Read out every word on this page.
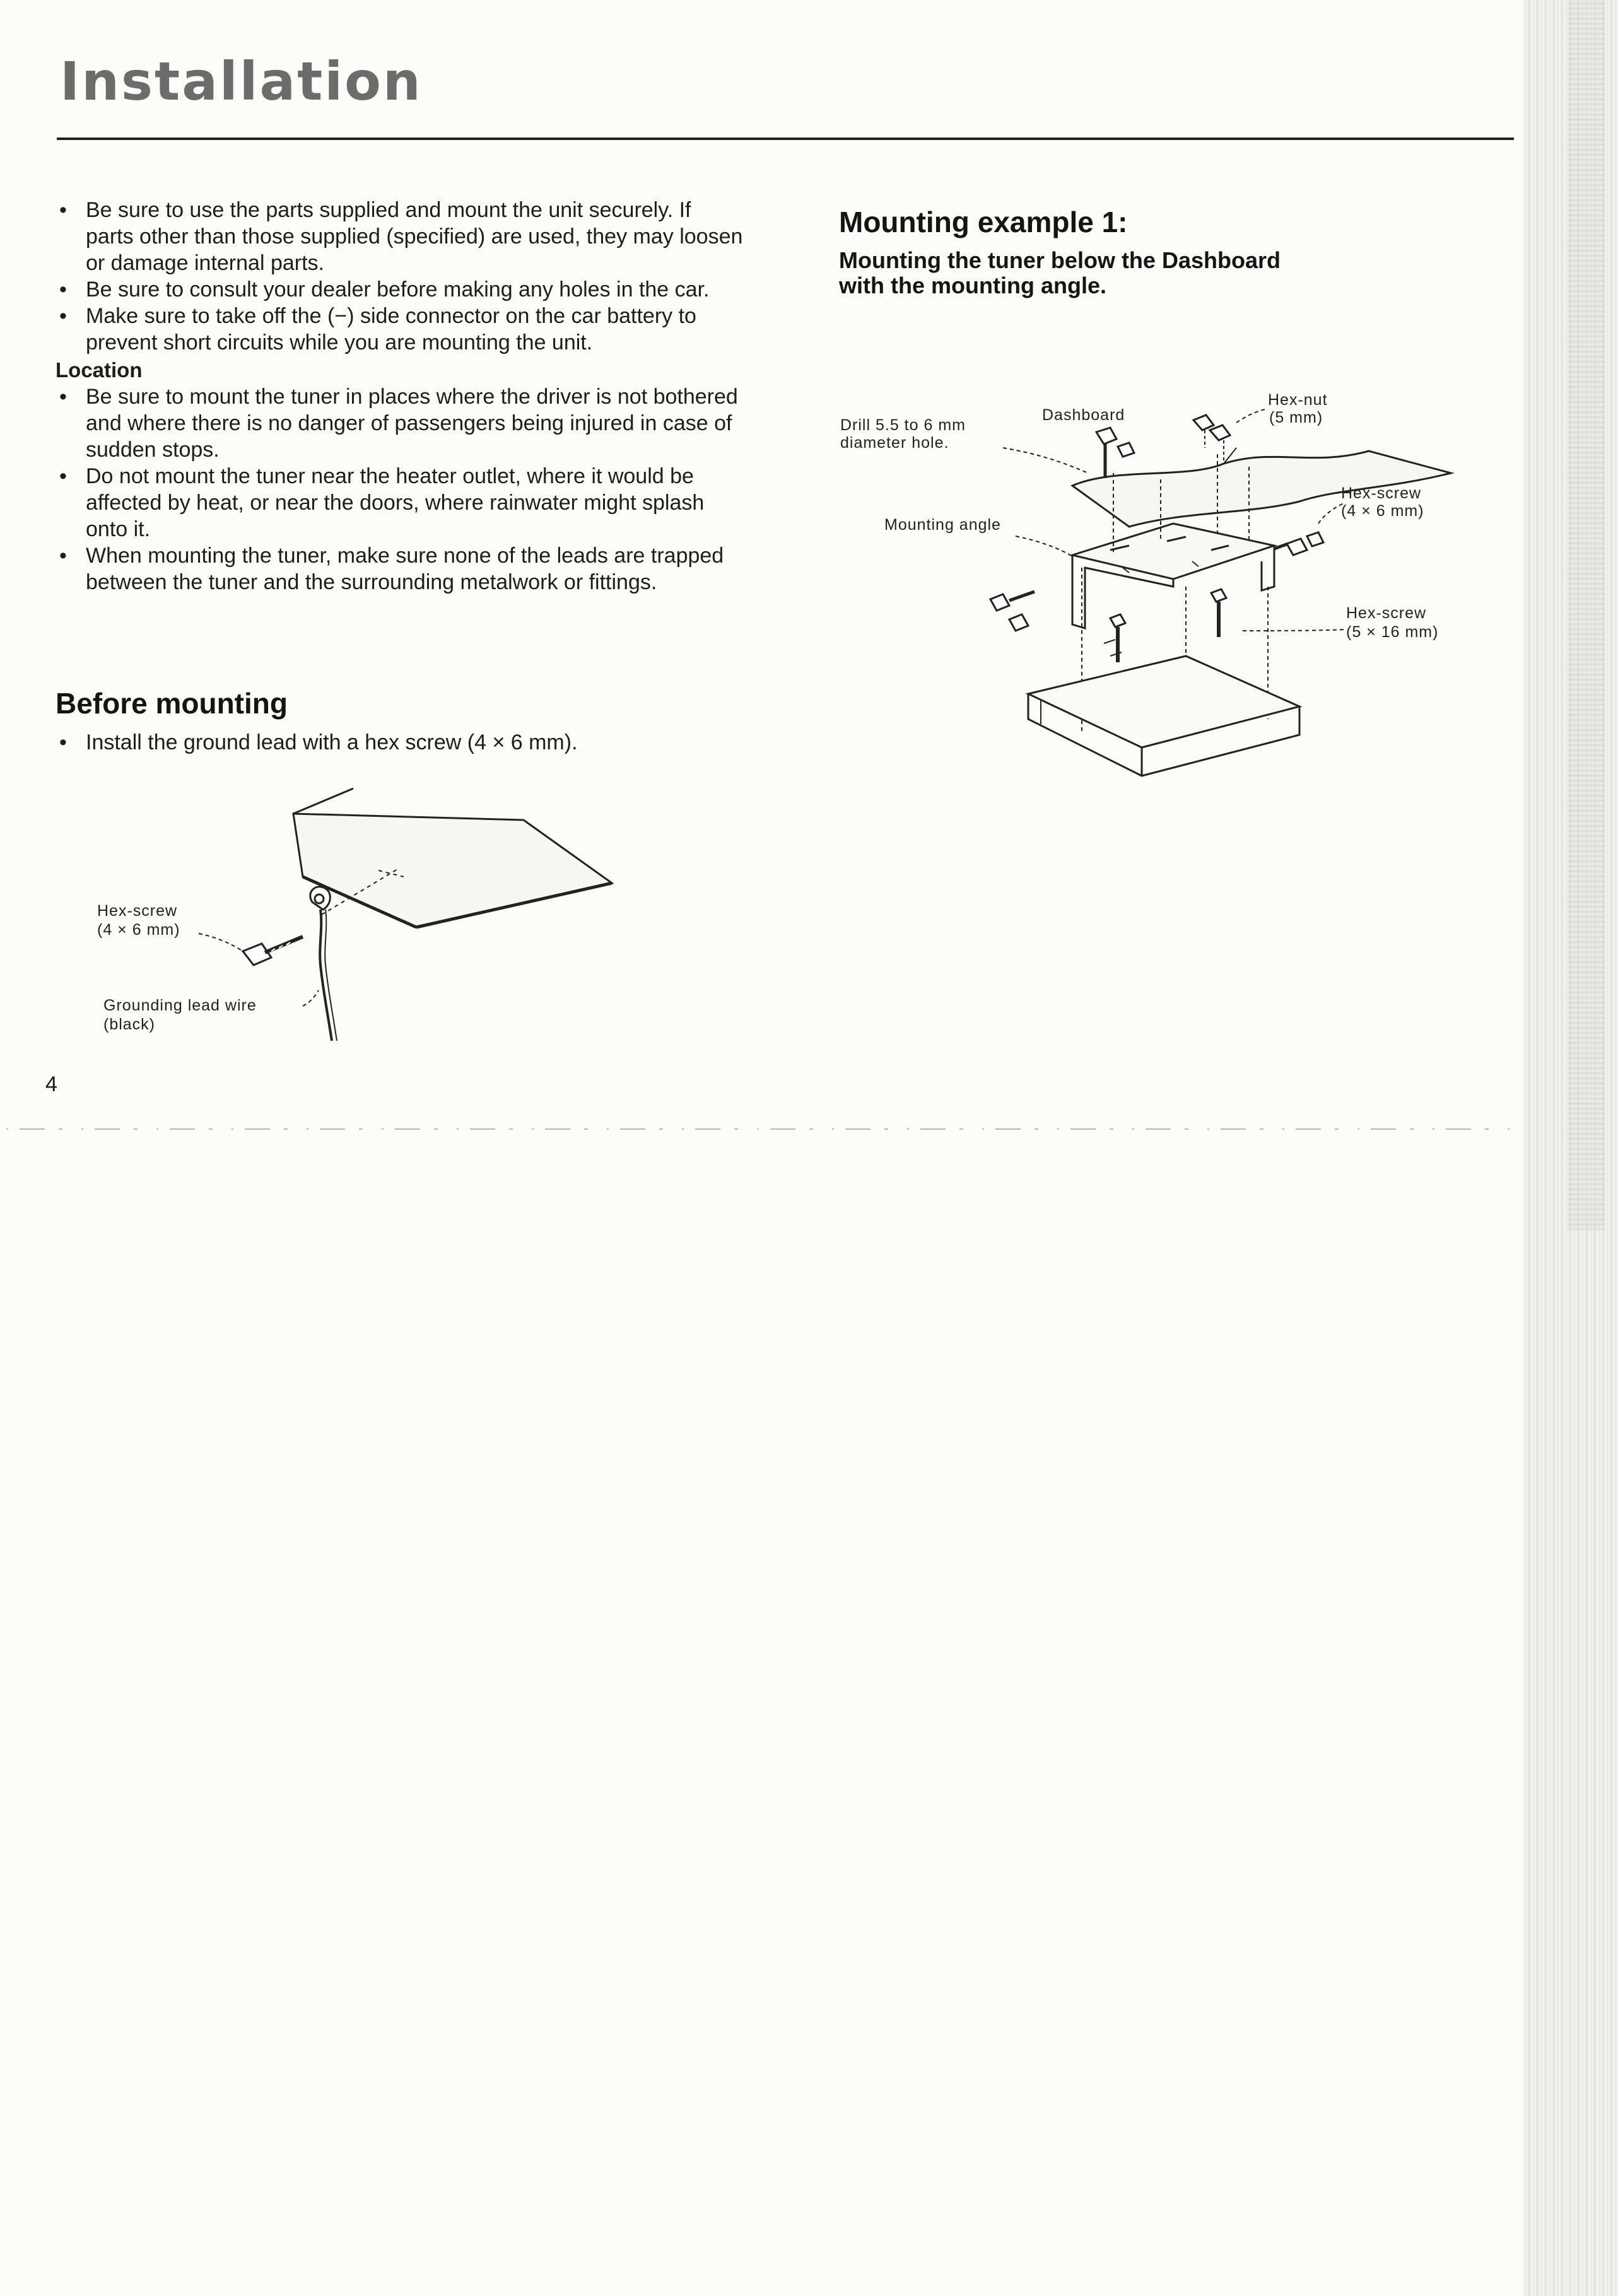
Installation

• Be sure to use the parts supplied and mount the unit securely. If parts other than those supplied (specified) are used, they may loosen or damage internal parts.

• Be sure to consult your dealer before making any holes in the car.

• Make sure to take off the (−) side connector on the car battery to prevent short circuits while you are mounting the unit.

Location

• Be sure to mount the tuner in places where the driver is not bothered and where there is no danger of passengers being injured in case of sudden stops.

• Do not mount the tuner near the heater outlet, where it would be affected by heat, or near the doors, where rainwater might splash onto it.

• When mounting the tuner, make sure none of the leads are trapped between the tuner and the surrounding metalwork or fittings.

Before mounting

• Install the ground lead with a hex screw (4 × 6 mm).

Hex-screw
(4 × 6 mm)
Grounding lead wire
(black)
4
Mounting example 1:
Mounting the tuner below the Dashboard
with the mounting angle.
Drill 5.5 to 6 mm
diameter hole.
Dashboard
Hex-nut
(5 mm)
Hex-screw
(4 × 6 mm)
Mounting angle
Hex-screw
(5 × 16 mm)
